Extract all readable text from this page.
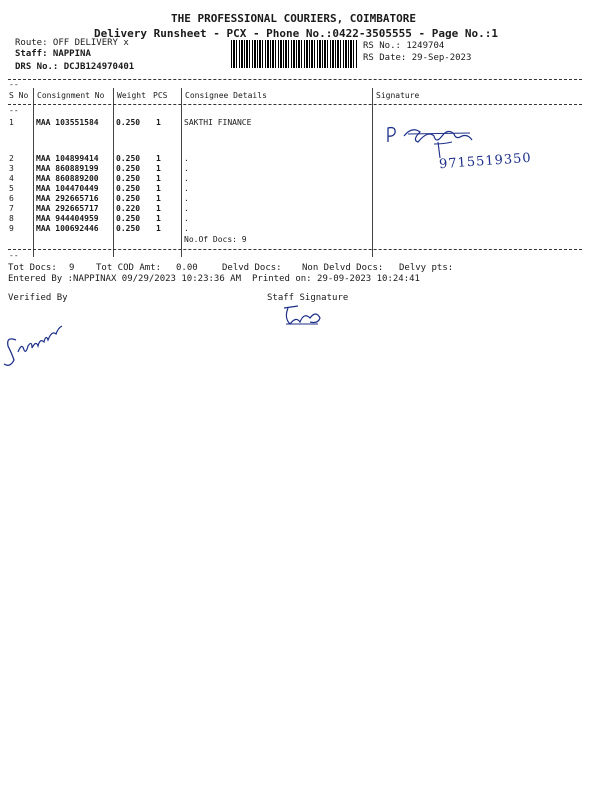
THE PROFESSIONAL COURIERS, COIMBATORE
Delivery Runsheet - PCX - Phone No.:0422-3505555 - Page No.:1
Route: OFF DELIVERY x
Staff: NAPPINA
DRS No.: DCJB124970401
RS No.: 1249704
RS Date: 29-Sep-2023
--
S No Consignment No Weight PCS Consignee Details	Signature
--
1	MAA 103551584 0.250 1	SAKTHI FINANCE
2	MAA 104899414 0.250 1	.
3	MAA 860889199 0.250 1	.
4	MAA 860889200 0.250 1	.
5	MAA 104470449 0.250 1	.
6	MAA 292665716 0.250 1	.
7	MAA 292665717 0.220 1	.
8	MAA 944404959 0.250 1	.
9	MAA 100692446 0.250 1	.
No.Of Docs: 9
--
9715519350
Tot Docs: 9 Tot COD Amt: 0.00	Delvd Docs: Non Delvd Docs: Delvy pts:
Entered By :NAPPINAX 09/29/2023 10:23:36 AM Printed on: 29-09-2023 10:24:41
Verified By	Staff Signature
